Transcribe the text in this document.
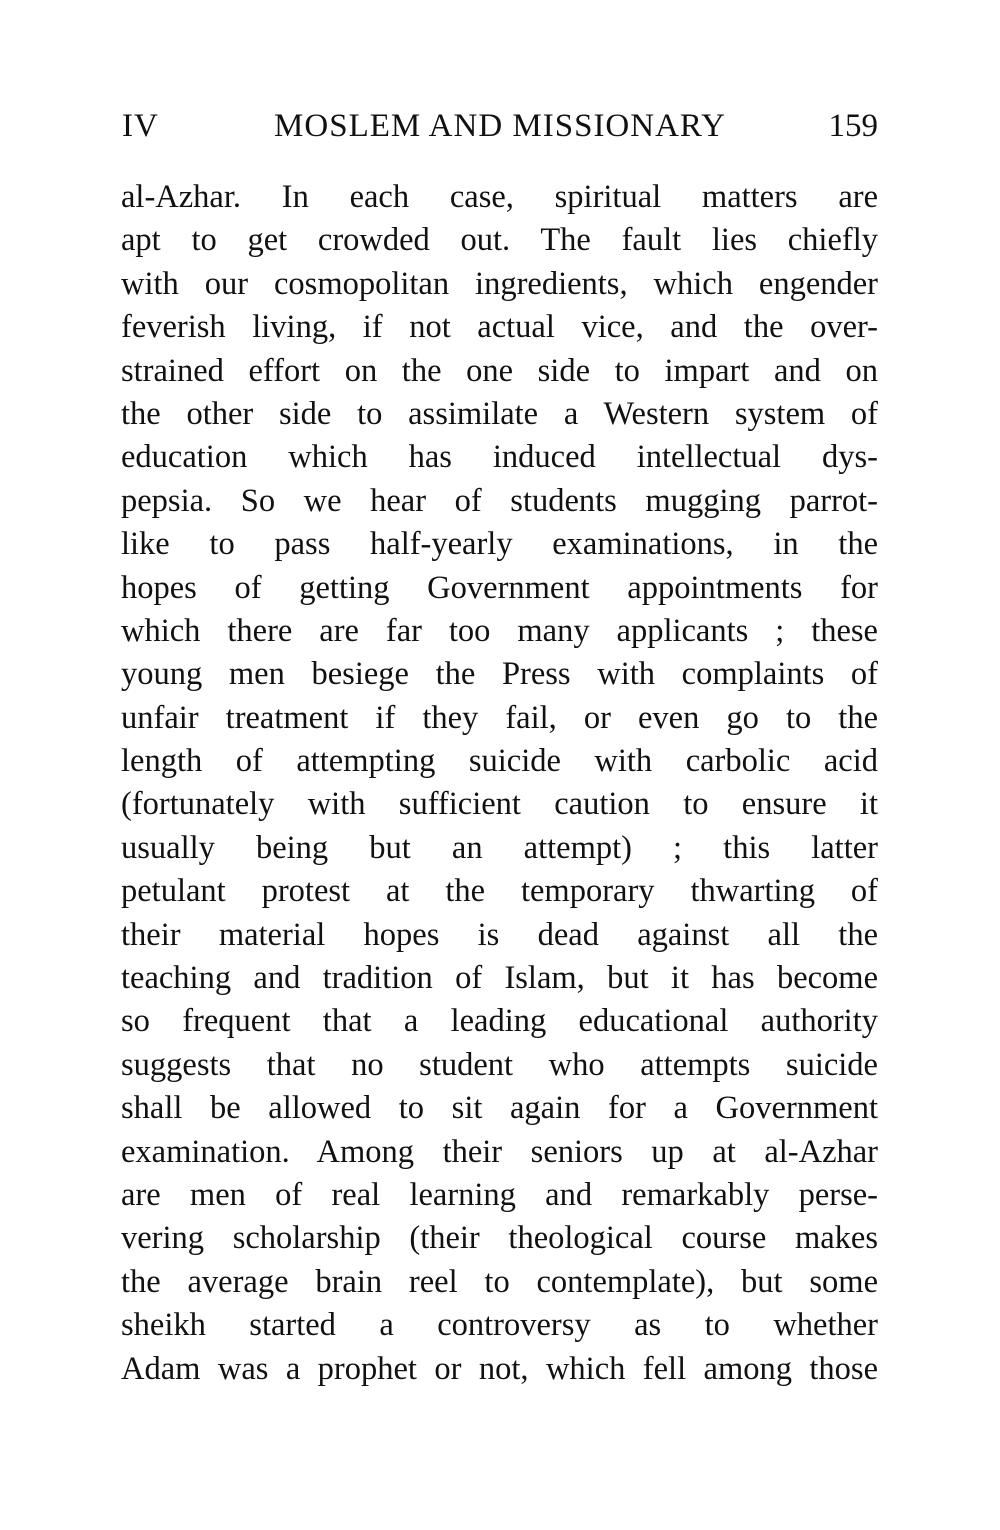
IV	MOSLEM AND MISSIONARY	159
al-Azhar. In each case, spiritual matters are
apt to get crowded out. The fault lies chiefly
with our cosmopolitan ingredients, which engender
feverish living, if not actual vice, and the over-
strained effort on the one side to impart and on
the other side to assimilate a Western system of
education which has induced intellectual dys-
pepsia. So we hear of students mugging parrot-
like to pass half-yearly examinations, in the
hopes of getting Government appointments for
which there are far too many applicants ; these
young men besiege the Press with complaints of
unfair treatment if they fail, or even go to the
length of attempting suicide with carbolic acid
(fortunately with sufficient caution to ensure it
usually being but an attempt) ; this latter
petulant protest at the temporary thwarting of
their material hopes is dead against all the
teaching and tradition of Islam, but it has become
so frequent that a leading educational authority
suggests that no student who attempts suicide
shall be allowed to sit again for a Government
examination. Among their seniors up at al-Azhar
are men of real learning and remarkably perse-
vering scholarship (their theological course makes
the average brain reel to contemplate), but some
sheikh started a controversy as to whether
Adam was a prophet or not, which fell among those
